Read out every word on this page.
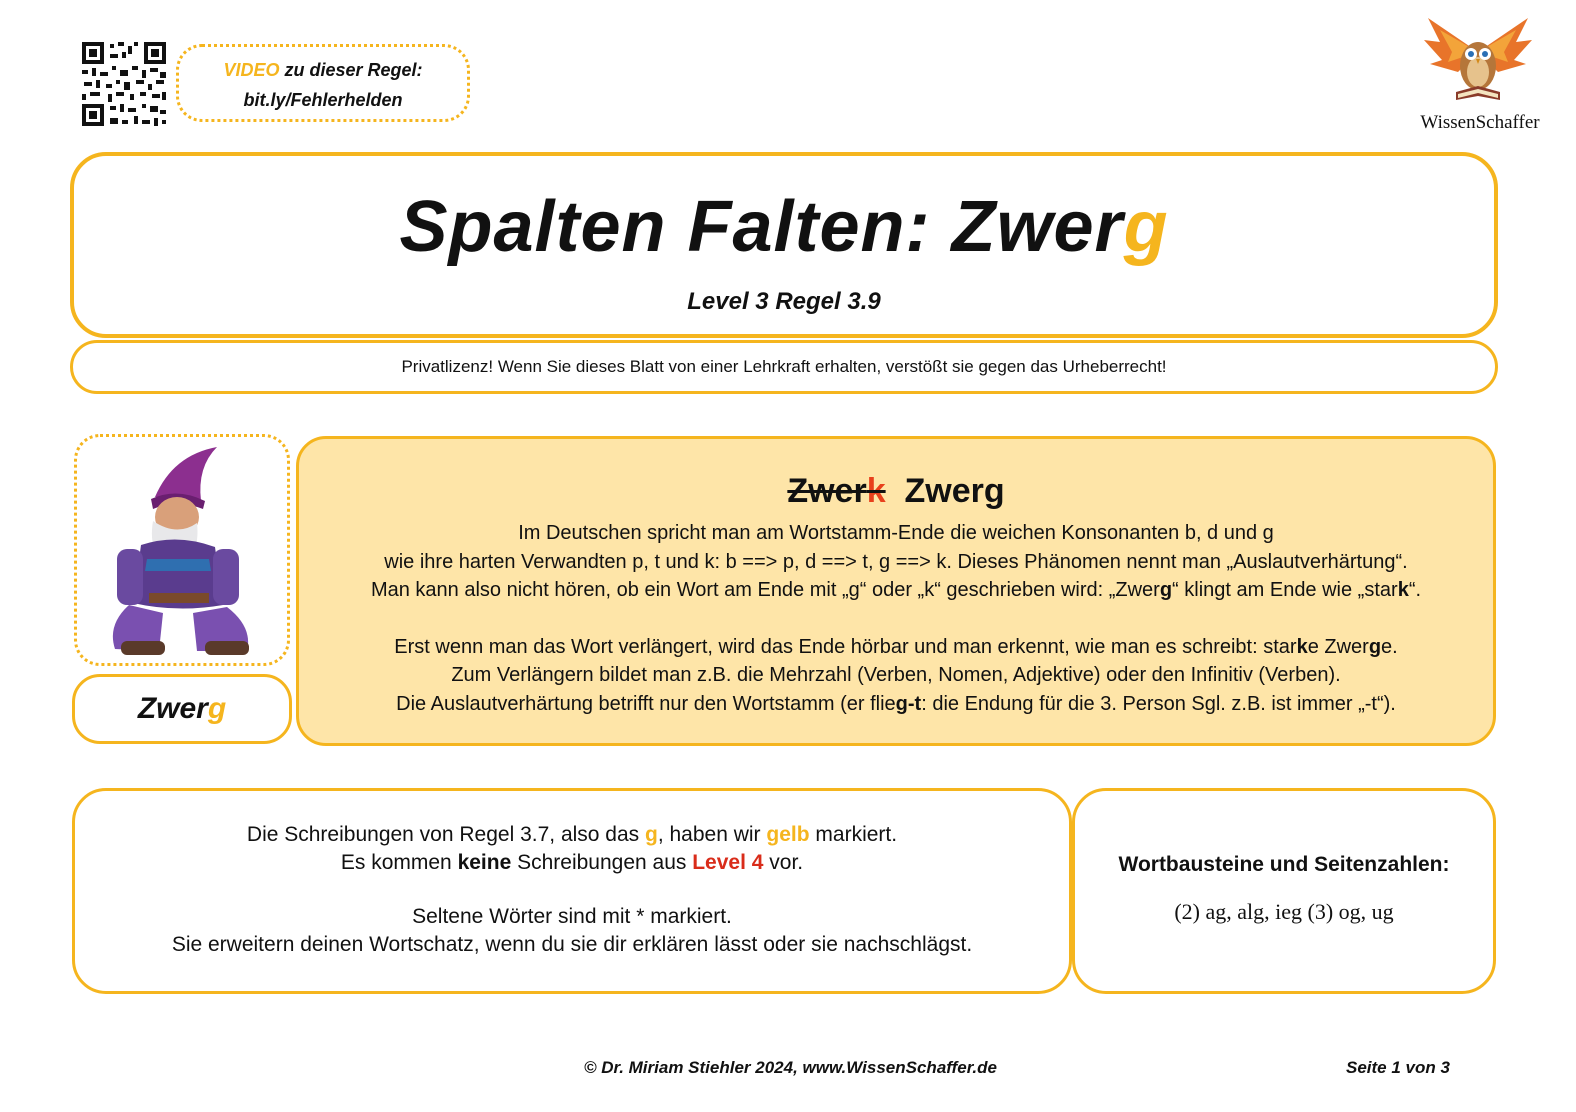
VIDEO zu dieser Regel:
bit.ly/Fehlerhelden
WissenSchaffer
Spalten Falten: Zwerg
Level 3 Regel 3.9
Privatlizenz! Wenn Sie dieses Blatt von einer Lehrkraft erhalten, verstößt sie gegen das Urheberrecht!
Zwerg
Zwerk Zwerg
Im Deutschen spricht man am Wortstamm-Ende die weichen Konsonanten b, d und g
wie ihre harten Verwandten p, t und k: b ==> p, d ==> t, g ==> k. Dieses Phänomen nennt man „Auslautverhärtung“.
Man kann also nicht hören, ob ein Wort am Ende mit „g“ oder „k“ geschrieben wird: „Zwerg“ klingt am Ende wie „stark“.
Erst wenn man das Wort verlängert, wird das Ende hörbar und man erkennt, wie man es schreibt: starke Zwerge.
Zum Verlängern bildet man z.B. die Mehrzahl (Verben, Nomen, Adjektive) oder den Infinitiv (Verben).
Die Auslautverhärtung betrifft nur den Wortstamm (er flieg-t: die Endung für die 3. Person Sgl. z.B. ist immer „-t“).
Die Schreibungen von Regel 3.7, also das g, haben wir gelb markiert.
Es kommen keine Schreibungen aus Level 4 vor.
Seltene Wörter sind mit * markiert.
Sie erweitern deinen Wortschatz, wenn du sie dir erklären lässt oder sie nachschlägst.
Wortbausteine und Seitenzahlen:
(2) ag, alg, ieg (3) og, ug
© Dr. Miriam Stiehler 2024, www.WissenSchaffer.de	Seite 1 von 3
